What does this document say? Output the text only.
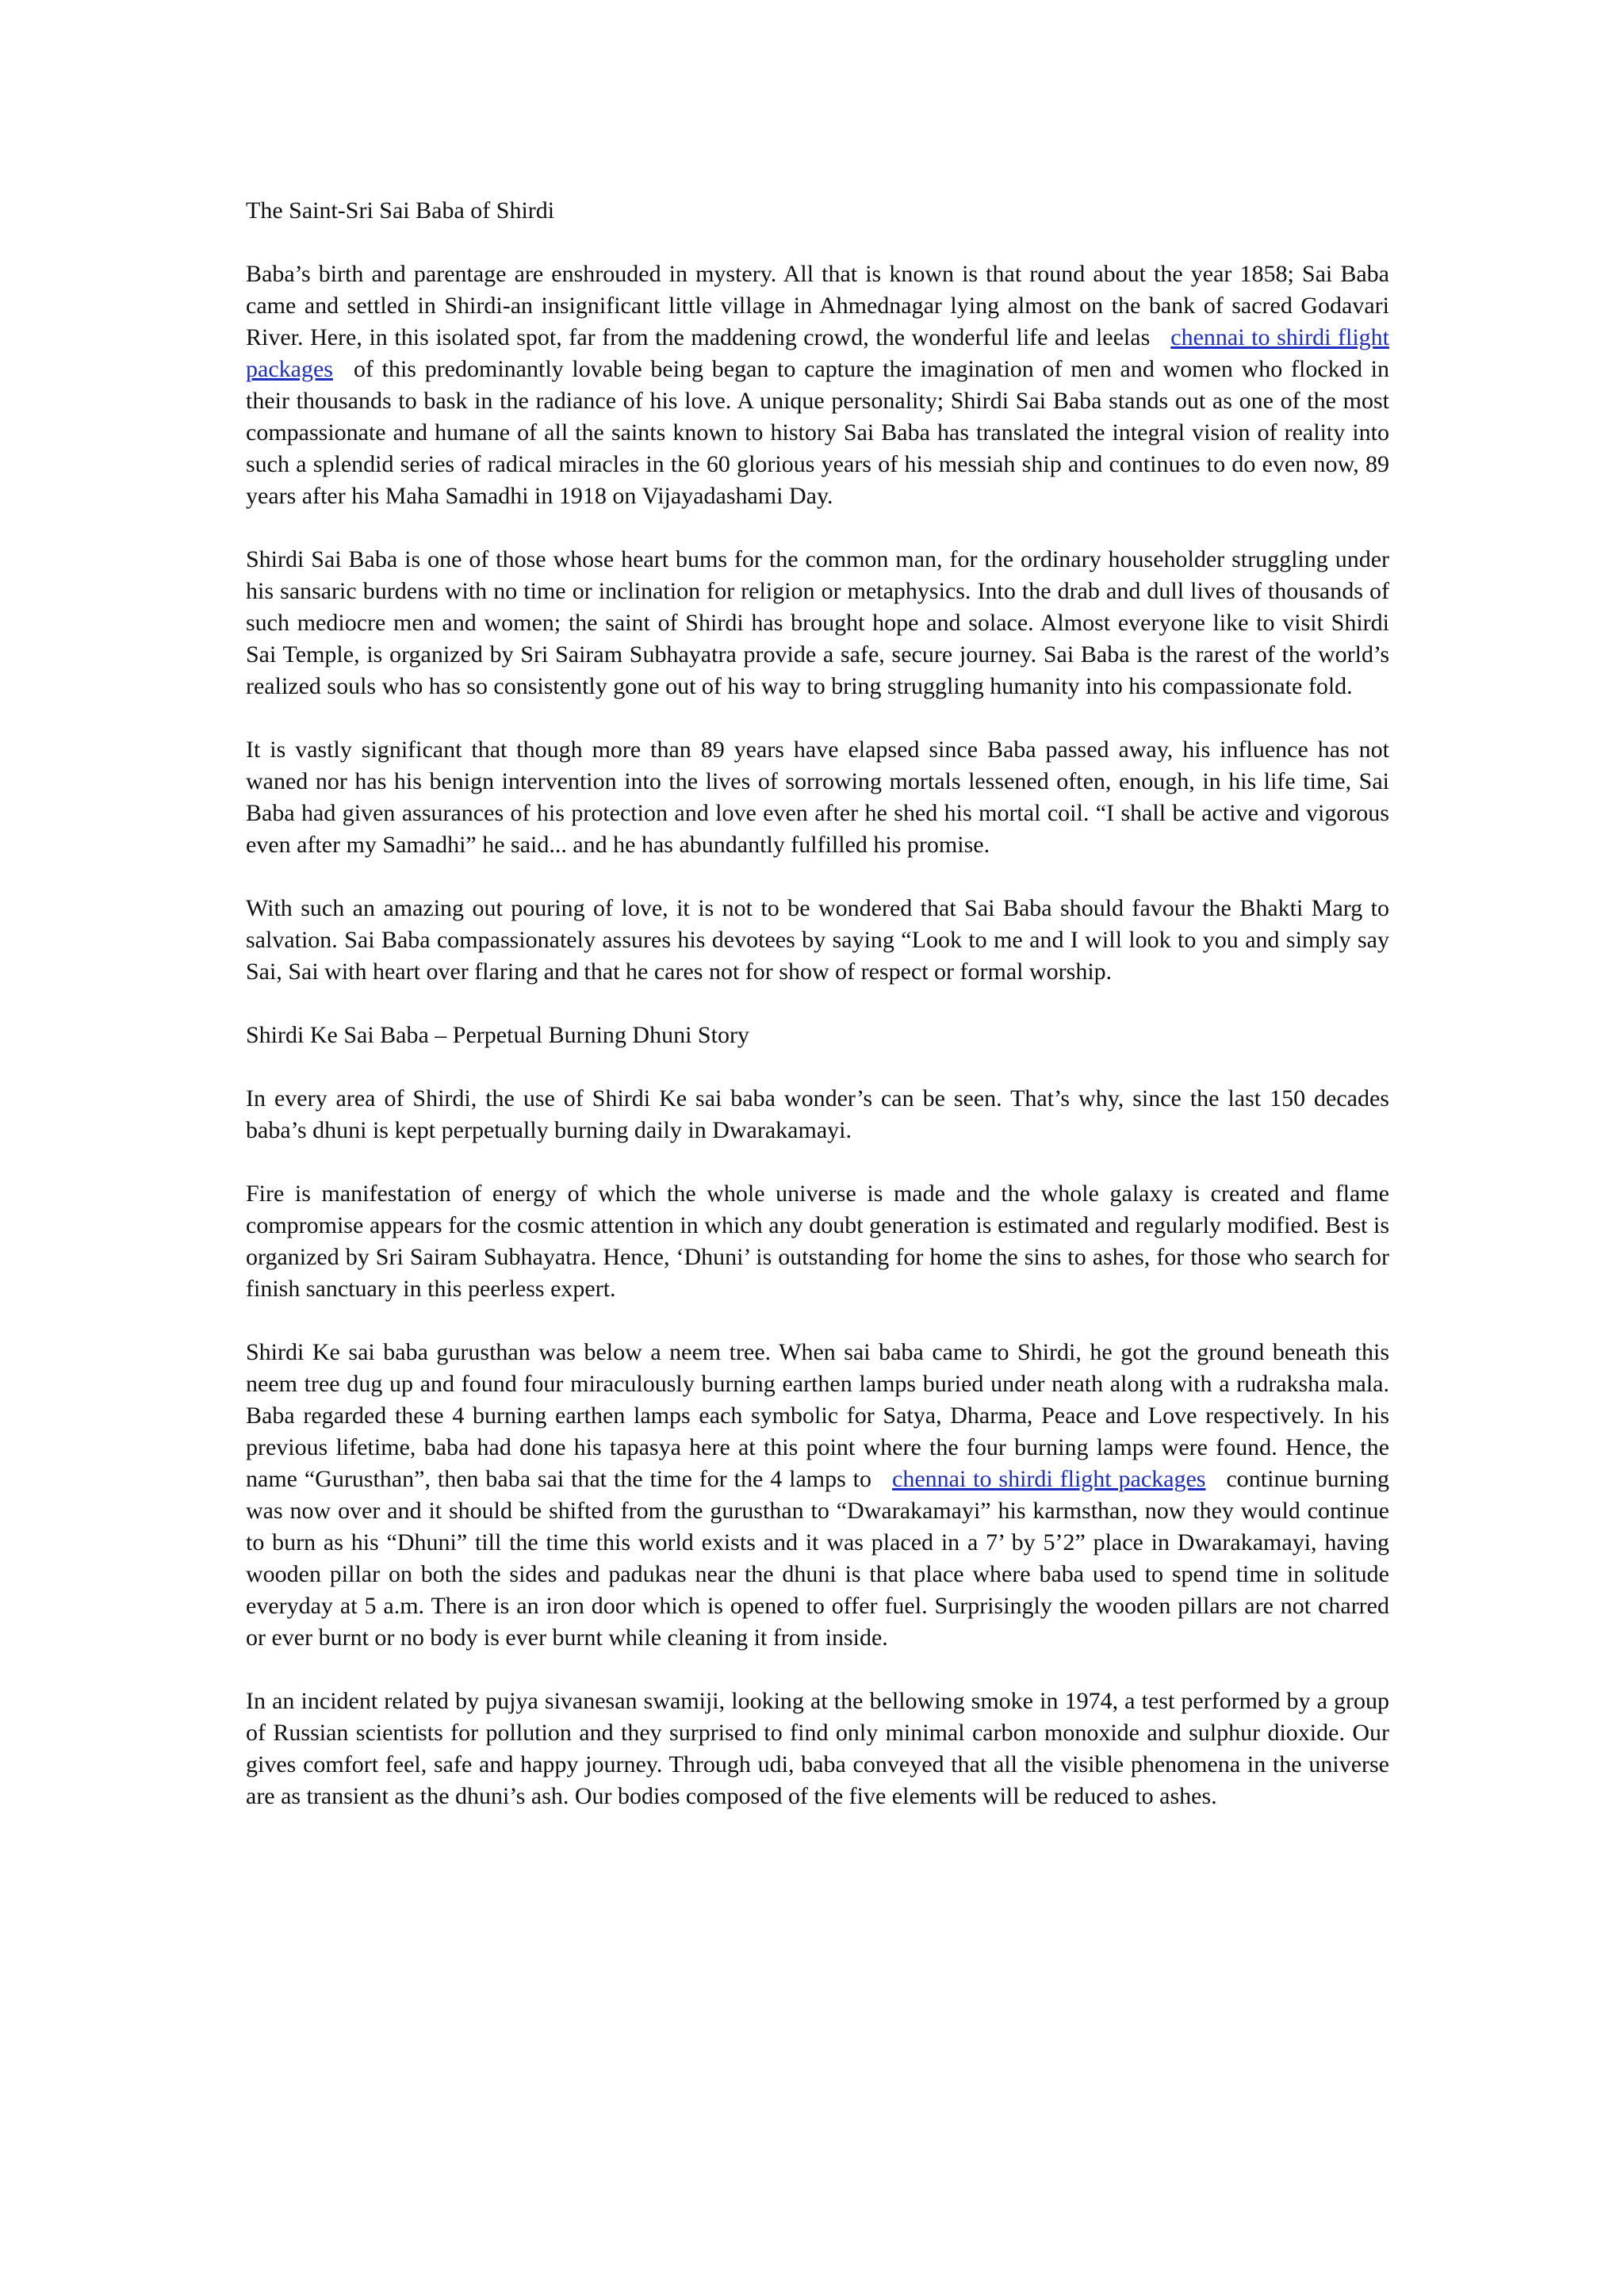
The Saint-Sri Sai Baba of Shirdi

Baba’s birth and parentage are enshrouded in mystery. All that is known is that round about the year 1858; Sai Baba came and settled in Shirdi-an insignificant little village in Ahmednagar lying almost on the bank of sacred Godavari River. Here, in this isolated spot, far from the maddening crowd, the wonderful life and leelas chennai to shirdi flight packages of this predominantly lovable being began to capture the imagination of men and women who flocked in their thousands to bask in the radiance of his love. A unique personality; Shirdi Sai Baba stands out as one of the most compassionate and humane of all the saints known to history Sai Baba has translated the integral vision of reality into such a splendid series of radical miracles in the 60 glorious years of his messiah ship and continues to do even now, 89 years after his Maha Samadhi in 1918 on Vijayadashami Day.

Shirdi Sai Baba is one of those whose heart bums for the common man, for the ordinary householder struggling under his sansaric burdens with no time or inclination for religion or metaphysics. Into the drab and dull lives of thousands of such mediocre men and women; the saint of Shirdi has brought hope and solace. Almost everyone like to visit Shirdi Sai Temple, is organized by Sri Sairam Subhayatra provide a safe, secure journey. Sai Baba is the rarest of the world’s realized souls who has so consistently gone out of his way to bring struggling humanity into his compassionate fold.

It is vastly significant that though more than 89 years have elapsed since Baba passed away, his influence has not waned nor has his benign intervention into the lives of sorrowing mortals lessened often, enough, in his life time, Sai Baba had given assurances of his protection and love even after he shed his mortal coil. “I shall be active and vigorous even after my Samadhi” he said... and he has abundantly fulfilled his promise.

With such an amazing out pouring of love, it is not to be wondered that Sai Baba should favour the Bhakti Marg to salvation. Sai Baba compassionately assures his devotees by saying “Look to me and I will look to you and simply say Sai, Sai with heart over flaring and that he cares not for show of respect or formal worship.

Shirdi Ke Sai Baba – Perpetual Burning Dhuni Story

In every area of Shirdi, the use of Shirdi Ke sai baba wonder’s can be seen. That’s why, since the last 150 decades baba’s dhuni is kept perpetually burning daily in Dwarakamayi.

Fire is manifestation of energy of which the whole universe is made and the whole galaxy is created and flame compromise appears for the cosmic attention in which any doubt generation is estimated and regularly modified. Best is organized by Sri Sairam Subhayatra. Hence, ‘Dhuni’ is outstanding for home the sins to ashes, for those who search for finish sanctuary in this peerless expert.

Shirdi Ke sai baba gurusthan was below a neem tree. When sai baba came to Shirdi, he got the ground beneath this neem tree dug up and found four miraculously burning earthen lamps buried under neath along with a rudraksha mala. Baba regarded these 4 burning earthen lamps each symbolic for Satya, Dharma, Peace and Love respectively. In his previous lifetime, baba had done his tapasya here at this point where the four burning lamps were found. Hence, the name “Gurusthan”, then baba sai that the time for the 4 lamps to chennai to shirdi flight packages continue burning was now over and it should be shifted from the gurusthan to “Dwarakamayi” his karmsthan, now they would continue to burn as his “Dhuni” till the time this world exists and it was placed in a 7’ by 5’2” place in Dwarakamayi, having wooden pillar on both the sides and padukas near the dhuni is that place where baba used to spend time in solitude everyday at 5 a.m. There is an iron door which is opened to offer fuel. Surprisingly the wooden pillars are not charred or ever burnt or no body is ever burnt while cleaning it from inside.

In an incident related by pujya sivanesan swamiji, looking at the bellowing smoke in 1974, a test performed by a group of Russian scientists for pollution and they surprised to find only minimal carbon monoxide and sulphur dioxide. Our gives comfort feel, safe and happy journey. Through udi, baba conveyed that all the visible phenomena in the universe are as transient as the dhuni’s ash. Our bodies composed of the five elements will be reduced to ashes.
